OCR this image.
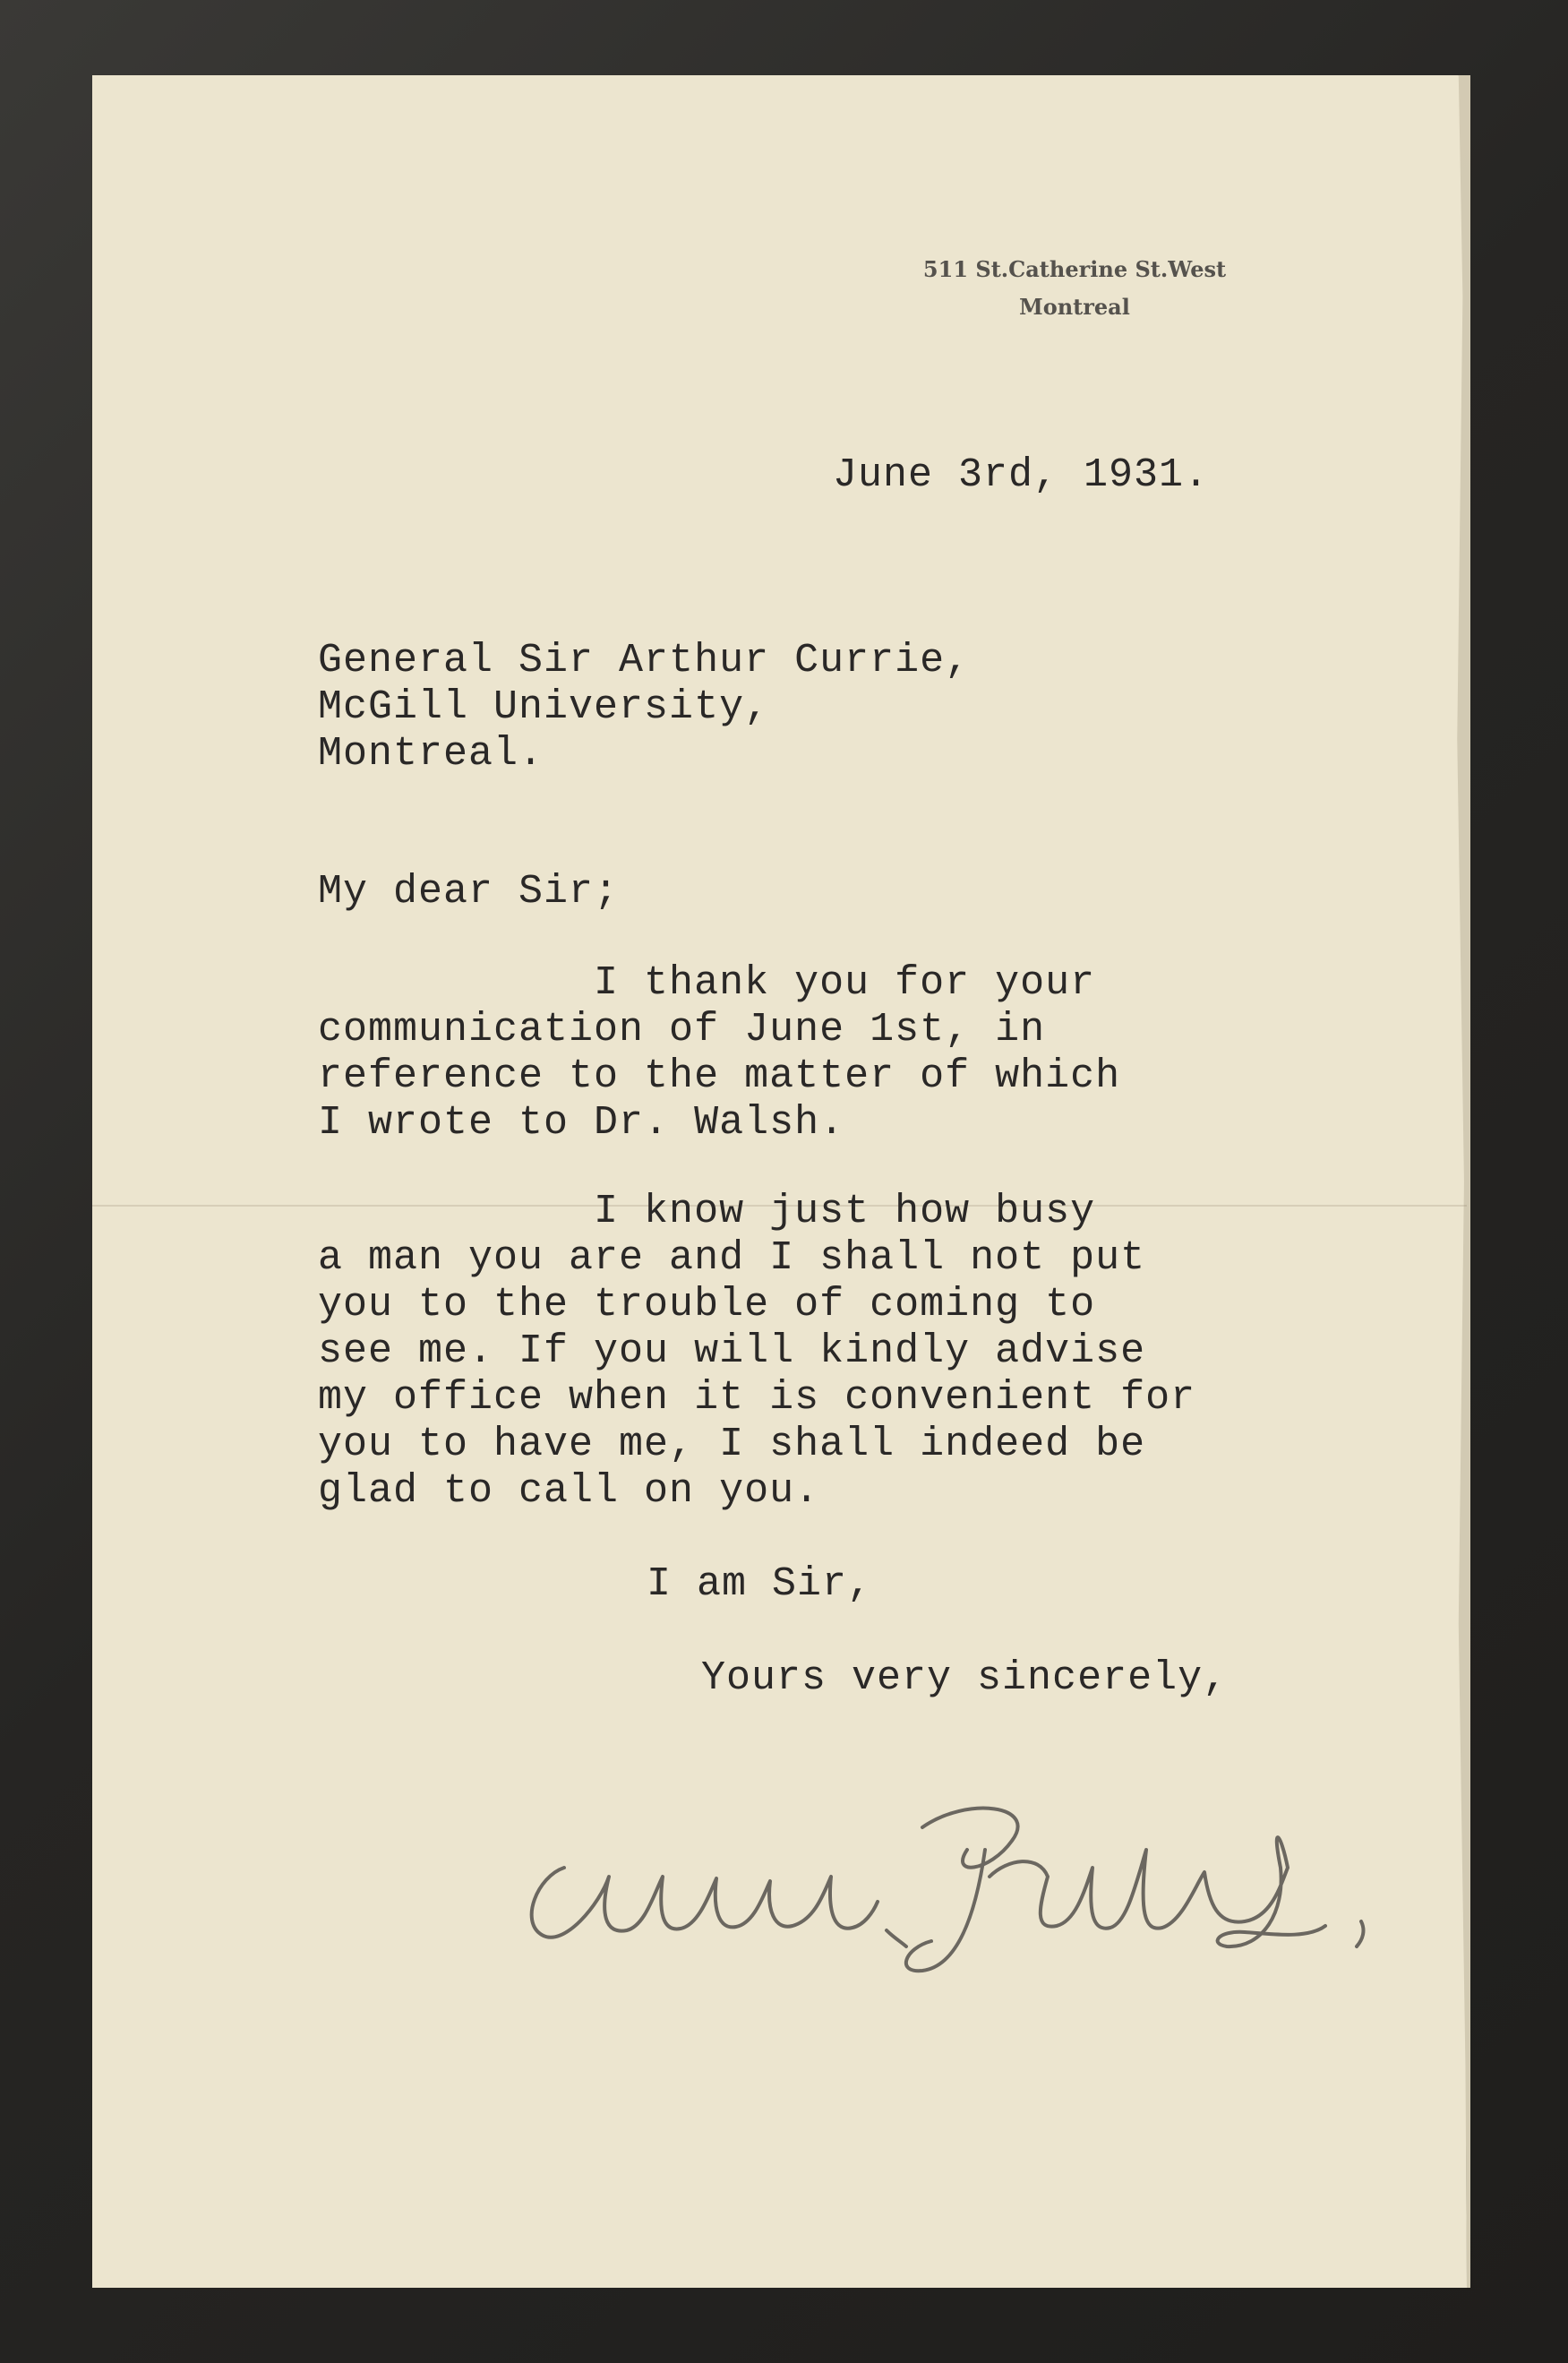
511 St.Catherine St.West
Montreal
June 3rd, 1931.
General Sir Arthur Currie,
McGill University,
Montreal.
My dear Sir;
I thank you for your
communication of June 1st, in
reference to the matter of which
I wrote to Dr. Walsh.
I know just how busy
a man you are and I shall not put
you to the trouble of coming to
see me. If you will kindly advise
my office when it is convenient for
you to have me, I shall indeed be
glad to call on you.
I am Sir,
Yours very sincerely,
